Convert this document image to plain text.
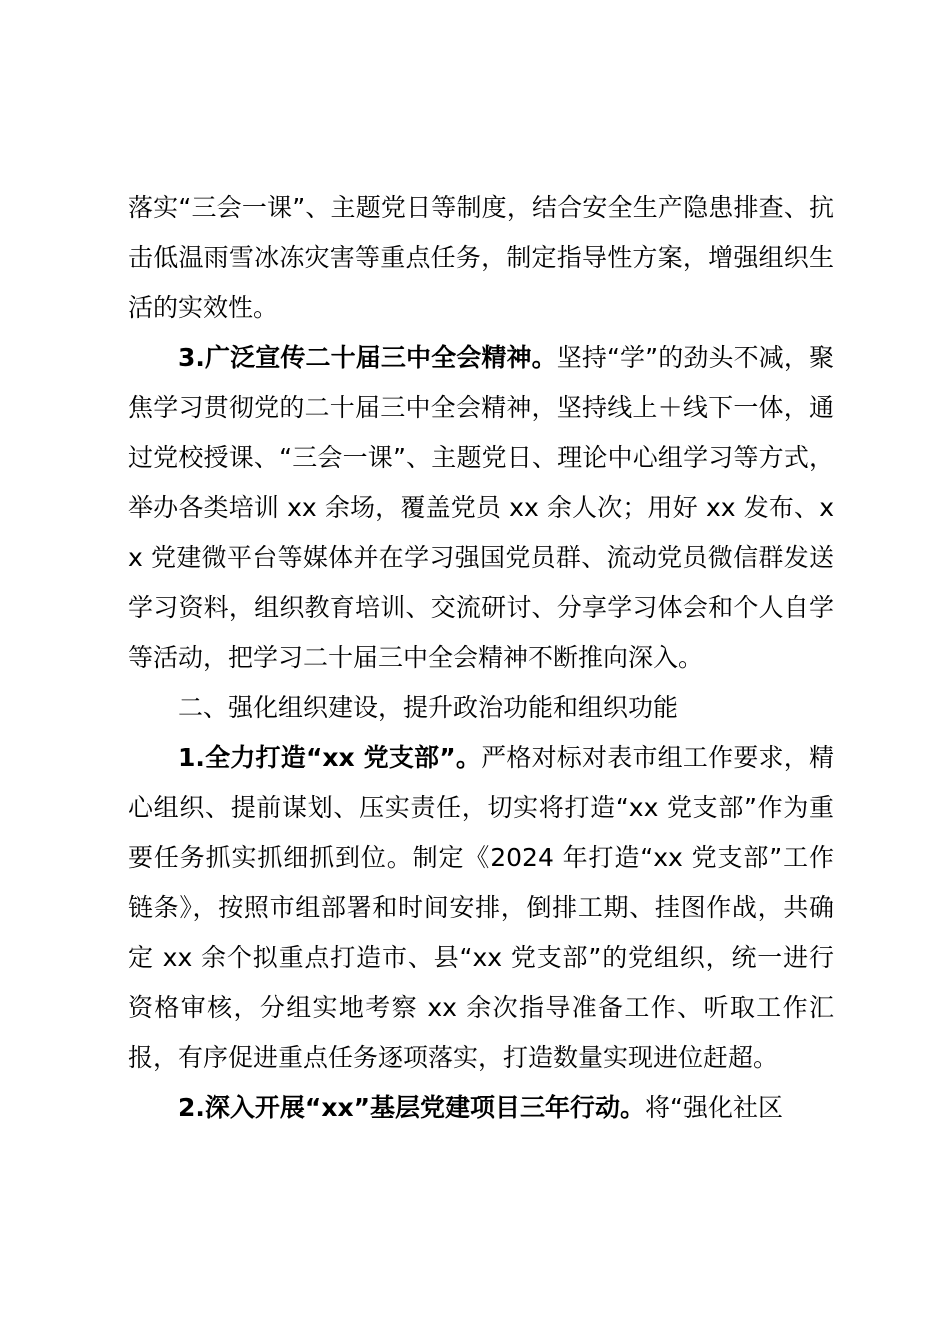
落实“三会一课”、主题党日等制度，结合安全生产隐患排查、抗击低温雨雪冰冻灾害等重点任务，制定指导性方案，增强组织生活的实效性。

3.广泛宣传二十届三中全会精神。坚持“学”的劲头不减，聚焦学习贯彻党的二十届三中全会精神，坚持线上＋线下一体，通过党校授课、“三会一课”、主题党日、理论中心组学习等方式，举办各类培训 xx 余场，覆盖党员 xx 余人次；用好 xx 发布、xx 党建微平台等媒体并在学习强国党员群、流动党员微信群发送学习资料，组织教育培训、交流研讨、分享学习体会和个人自学等活动，把学习二十届三中全会精神不断推向深入。

二、强化组织建设，提升政治功能和组织功能

1.全力打造“xx 党支部”。严格对标对表市组工作要求，精心组织、提前谋划、压实责任，切实将打造“xx 党支部”作为重要任务抓实抓细抓到位。制定《2024 年打造“xx 党支部”工作链条》，按照市组部署和时间安排，倒排工期、挂图作战，共确定 xx 余个拟重点打造市、县“xx 党支部”的党组织，统一进行资格审核，分组实地考察 xx 余次指导准备工作、听取工作汇报，有序促进重点任务逐项落实，打造数量实现进位赶超。

2.深入开展“xx”基层党建项目三年行动。将“强化社区
